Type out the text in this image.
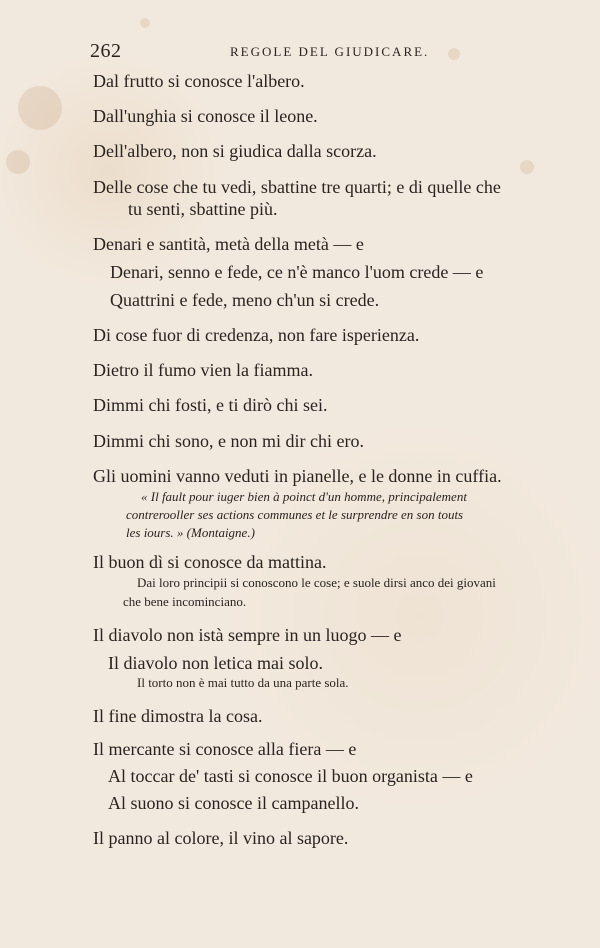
262	REGOLE DEL GIUDICARE.
Dal frutto si conosce l'albero.
Dall'unghia si conosce il leone.
Dell'albero, non si giudica dalla scorza.
Delle cose che tu vedi, sbattine tre quarti; e di quelle che
tu senti, sbattine più.
Denari e santità, metà della metà — e
Denari, senno e fede, ce n'è manco l'uom crede — e
Quattrini e fede, meno ch'un si crede.
Di cose fuor di credenza, non fare isperienza.
Dietro il fumo vien la fiamma.
Dimmi chi fosti, e ti dirò chi sei.
Dimmi chi sono, e non mi dir chi ero.
Gli uomini vanno veduti in pianelle, e le donne in cuffia.
« Il fault pour iuger bien à poinct d'un homme, principalement
contrerooller ses actions communes et le surprendre en son touts
les iours. » (Montaigne.)
Il buon dì si conosce da mattina.
Dai loro principii si conoscono le cose; e suole dirsi anco dei giovani
che bene incominciano.
Il diavolo non istà sempre in un luogo — e
Il diavolo non letica mai solo.
Il torto non è mai tutto da una parte sola.
Il fine dimostra la cosa.
Il mercante si conosce alla fiera — e
Al toccar de' tasti si conosce il buon organista — e
Al suono si conosce il campanello.
Il panno al colore, il vino al sapore.
